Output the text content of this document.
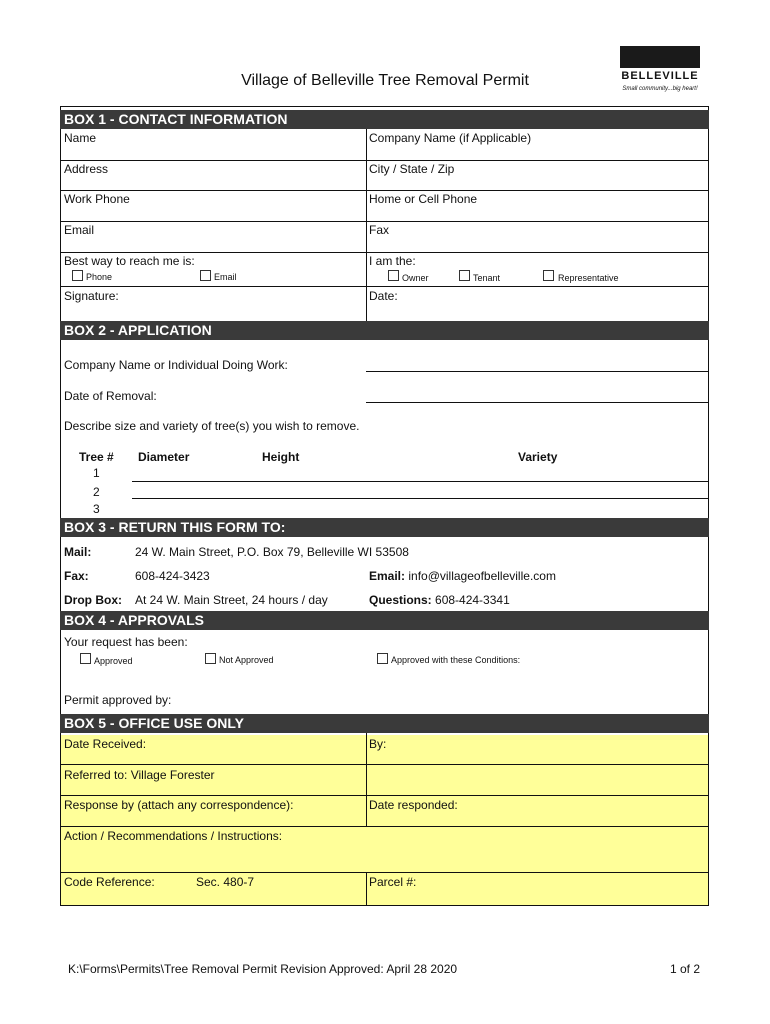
Village of Belleville Tree Removal Permit	BELLEVILLE
Small community...big heart!
BOX 1 - CONTACT INFORMATION
Name	Company Name (if Applicable)
Address	City / State / Zip
Work Phone	Home or Cell Phone
Email	Fax
Best way to reach me is:
Phone	Email
I am the:
Owner	Tenant	Representative
Signature:	Date:
BOX 2 - APPLICATION
Company Name or Individual Doing Work:
Date of Removal:
Describe size and variety of tree(s) you wish to remove.
Tree # Diameter	Height	Variety
1
2
3
BOX 3 - RETURN THIS FORM TO:
Mail:	24 W. Main Street, P.O. Box 79, Belleville WI 53508
Fax:	608-424-3423	Email: info@villageofbelleville.com
Drop Box: At 24 W. Main Street, 24 hours / day	Questions: 608-424-3341
BOX 4 - APPROVALS
Your request has been:
Approved	Not Approved	Approved with these Conditions:
Permit approved by:
BOX 5 - OFFICE USE ONLY
Date Received:	By:
Referred to: Village Forester
Response by (attach any correspondence):	Date responded:
Action / Recommendations / Instructions:
Code Reference:	Sec. 480-7	Parcel #:
K:\Forms\Permits\Tree Removal Permit Revision Approved: April 28 2020	1 of 2
